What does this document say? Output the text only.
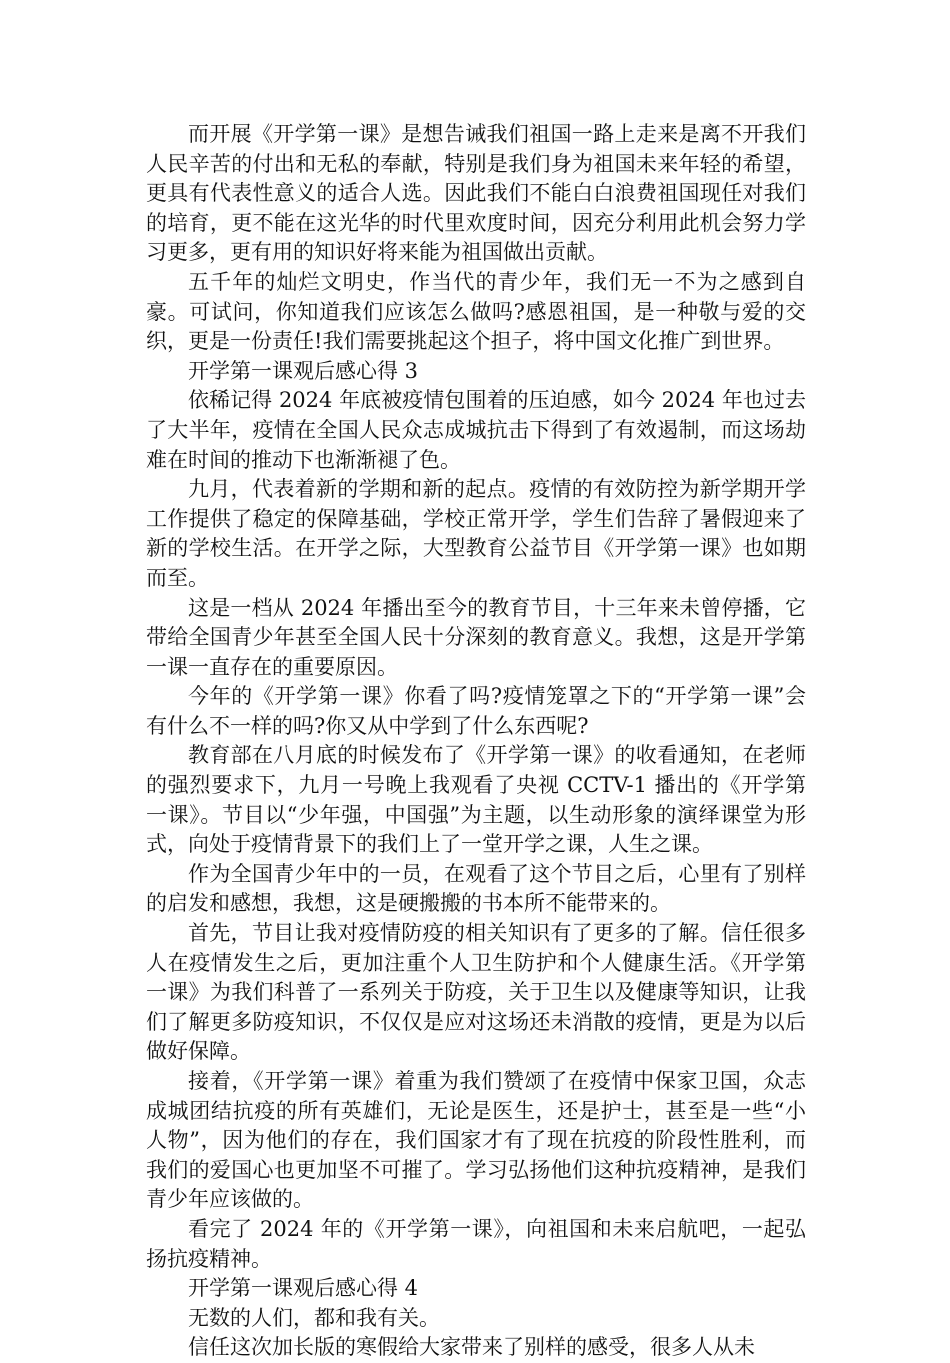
而开展《开学第一课》是想告诫我们祖国一路上走来是离不开我们人民辛苦的付出和无私的奉献，特别是我们身为祖国未来年轻的希望，更具有代表性意义的适合人选。因此我们不能白白浪费祖国现任对我们的培育，更不能在这光华的时代里欢度时间，因充分利用此机会努力学习更多，更有用的知识好将来能为祖国做出贡献。

五千年的灿烂文明史，作当代的青少年，我们无一不为之感到自豪。可试问，你知道我们应该怎么做吗?感恩祖国，是一种敬与爱的交织，更是一份责任!我们需要挑起这个担子，将中国文化推广到世界。

开学第一课观后感心得 3

依稀记得 2024 年底被疫情包围着的压迫感，如今 2024 年也过去了大半年，疫情在全国人民众志成城抗击下得到了有效遏制，而这场劫难在时间的推动下也渐渐褪了色。

九月，代表着新的学期和新的起点。疫情的有效防控为新学期开学工作提供了稳定的保障基础，学校正常开学，学生们告辞了暑假迎来了新的学校生活。在开学之际，大型教育公益节目《开学第一课》也如期而至。

这是一档从 2024 年播出至今的教育节目，十三年来未曾停播，它带给全国青少年甚至全国人民十分深刻的教育意义。我想，这是开学第一课一直存在的重要原因。

今年的《开学第一课》你看了吗?疫情笼罩之下的“开学第一课”会有什么不一样的吗?你又从中学到了什么东西呢?

教育部在八月底的时候发布了《开学第一课》的收看通知，在老师的强烈要求下，九月一号晚上我观看了央视 CCTV-1 播出的《开学第一课》。节目以“少年强，中国强”为主题，以生动形象的演绎课堂为形式，向处于疫情背景下的我们上了一堂开学之课，人生之课。

作为全国青少年中的一员，在观看了这个节目之后，心里有了别样的启发和感想，我想，这是硬搬搬的书本所不能带来的。

首先，节目让我对疫情防疫的相关知识有了更多的了解。信任很多人在疫情发生之后，更加注重个人卫生防护和个人健康生活。《开学第一课》为我们科普了一系列关于防疫，关于卫生以及健康等知识，让我们了解更多防疫知识，不仅仅是应对这场还未消散的疫情，更是为以后做好保障。

接着，《开学第一课》着重为我们赞颂了在疫情中保家卫国，众志成城团结抗疫的所有英雄们，无论是医生，还是护士，甚至是一些“小人物”，因为他们的存在，我们国家才有了现在抗疫的阶段性胜利，而我们的爱国心也更加坚不可摧了。学习弘扬他们这种抗疫精神，是我们青少年应该做的。

看完了 2024 年的《开学第一课》，向祖国和未来启航吧，一起弘扬抗疫精神。

开学第一课观后感心得 4

无数的人们，都和我有关。

信任这次加长版的寒假给大家带来了别样的感受，很多人从未
